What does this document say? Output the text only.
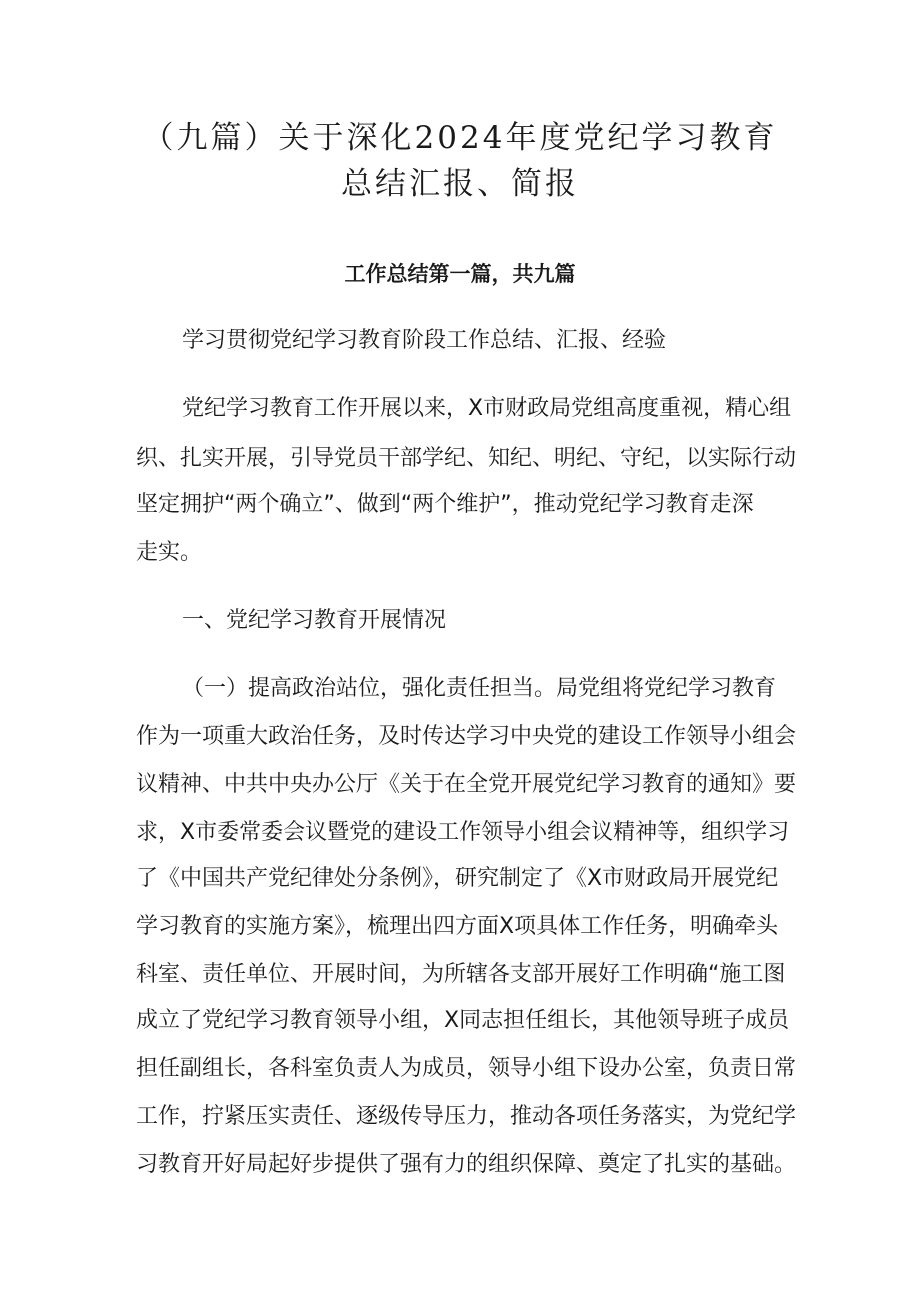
（九篇）关于深化2024年度党纪学习教育
总结汇报、简报
工作总结第一篇，共九篇

学习贯彻党纪学习教育阶段工作总结、汇报、经验

党纪学习教育工作开展以来，X市财政局党组高度重视，精心组

织、扎实开展，引导党员干部学纪、知纪、明纪、守纪，以实际行动

坚定拥护“两个确立”、做到“两个维护”，推动党纪学习教育走深

走实。

一、党纪学习教育开展情况

（一）提高政治站位，强化责任担当。局党组将党纪学习教育

作为一项重大政治任务，及时传达学习中央党的建设工作领导小组会

议精神、中共中央办公厅《关于在全党开展党纪学习教育的通知》要

求，X市委常委会议暨党的建设工作领导小组会议精神等，组织学习

了《中国共产党纪律处分条例》，研究制定了《X市财政局开展党纪

学习教育的实施方案》，梳理出四方面X项具体工作任务，明确牵头

科室、责任单位、开展时间，为所辖各支部开展好工作明确“施工图

成立了党纪学习教育领导小组，X同志担任组长，其他领导班子成员

担任副组长，各科室负责人为成员，领导小组下设办公室，负责日常

工作，拧紧压实责任、逐级传导压力，推动各项任务落实，为党纪学

习教育开好局起好步提供了强有力的组织保障、奠定了扎实的基础。
